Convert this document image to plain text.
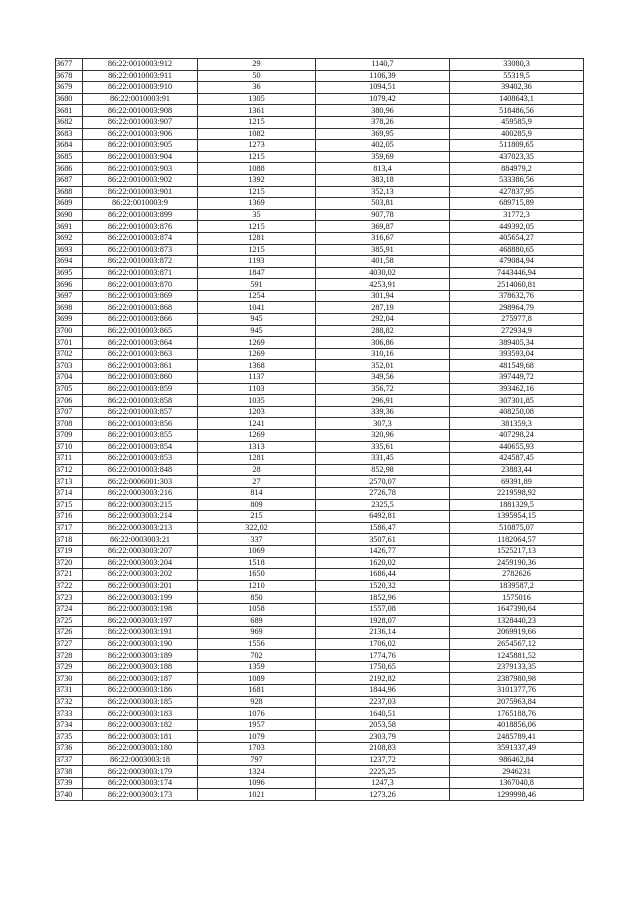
3677	86:22:0010003:912	29	1140,7	33080,3
3678	86:22:0010003:911	50	1106,39	55319,5
3679	86:22:0010003:910	36	1094,51	39402,36
3680	86:22:0010003:91	1305	1079,42	1408643,1
3681	86:22:0010003:908	1361	380,96	518486,56
3682	86:22:0010003:907	1215	378,26	459585,9
3683	86:22:0010003:906	1082	369,95	400285,9
3684	86:22:0010003:905	1273	402,05	511809,65
3685	86:22:0010003:904	1215	359,69	437023,35
3686	86:22:0010003:903	1088	813,4	884979,2
3687	86:22:0010003:902	1392	383,18	533386,56
3688	86:22:0010003:901	1215	352,13	427837,95
3689	86:22:0010003:9	1369	503,81	689715,89
3690	86:22:0010003:899	35	907,78	31772,3
3691	86:22:0010003:876	1215	369,87	449392,05
3692	86:22:0010003:874	1281	316,67	405654,27
3693	86:22:0010003:873	1215	385,91	468880,65
3694	86:22:0010003:872	1193	401,58	479084,94
3695	86:22:0010003:871	1847	4030,02	7443446,94
3696	86:22:0010003:870	591	4253,91	2514060,81
3697	86:22:0010003:869	1254	301,94	378632,76
3698	86:22:0010003:868	1041	287,19	298964,79
3699	86:22:0010003:866	945	292,04	275977,8
3700	86:22:0010003:865	945	288,82	272934,9
3701	86:22:0010003:864	1269	306,86	389405,34
3702	86:22:0010003:863	1269	310,16	393593,04
3703	86:22:0010003:861	1368	352,01	481549,68
3704	86:22:0010003:860	1137	349,56	397449,72
3705	86:22:0010003:859	1103	356,72	393462,16
3706	86:22:0010003:858	1035	296,91	307301,85
3707	86:22:0010003:857	1203	339,36	408250,08
3708	86:22:0010003:856	1241	307,3	381359,3
3709	86:22:0010003:855	1269	320,96	407298,24
3710	86:22:0010003:854	1313	335,61	440655,93
3711	86:22:0010003:853	1281	331,45	424587,45
3712	86:22:0010003:848	28	852,98	23883,44
3713	86:22:0006001:303	27	2570,07	69391,89
3714	86:22:0003003:216	814	2726,78	2219598,92
3715	86:22:0003003:215	809	2325,5	1881329,5
3716	86:22:0003003:214	215	6492,81	1395954,15
3717	86:22:0003003:213	322,02	1586,47	510875,07
3718	86:22:0003003:21	337	3507,61	1182064,57
3719	86:22:0003003:207	1069	1426,77	1525217,13
3720	86:22:0003003:204	1518	1620,02	2459190,36
3721	86:22:0003003:202	1650	1686,44	2782626
3722	86:22:0003003:201	1210	1520,32	1839587,2
3723	86:22:0003003:199	850	1852,96	1575016
3724	86:22:0003003:198	1058	1557,08	1647390,64
3725	86:22:0003003:197	689	1928,07	1328440,23
3726	86:22:0003003:191	969	2136,14	2069919,66
3727	86:22:0003003:190	1556	1706,02	2654567,12
3728	86:22:0003003:189	702	1774,76	1245881,52
3729	86:22:0003003:188	1359	1750,65	2379133,35
3730	86:22:0003003:187	1089	2192,82	2387980,98
3731	86:22:0003003:186	1681	1844,96	3101377,76
3732	86:22:0003003:185	928	2237,03	2075963,84
3733	86:22:0003003:183	1076	1640,51	1765188,76
3734	86:22:0003003:182	1957	2053,58	4018856,06
3735	86:22:0003003:181	1079	2303,79	2485789,41
3736	86:22:0003003:180	1703	2108,83	3591337,49
3737	86:22:0003003:18	797	1237,72	986462,84
3738	86:22:0003003:179	1324	2225,25	2946231
3739	86:22:0003003:174	1096	1247,3	1367040,8
3740	86:22:0003003:173	1021	1273,26	1299998,46
